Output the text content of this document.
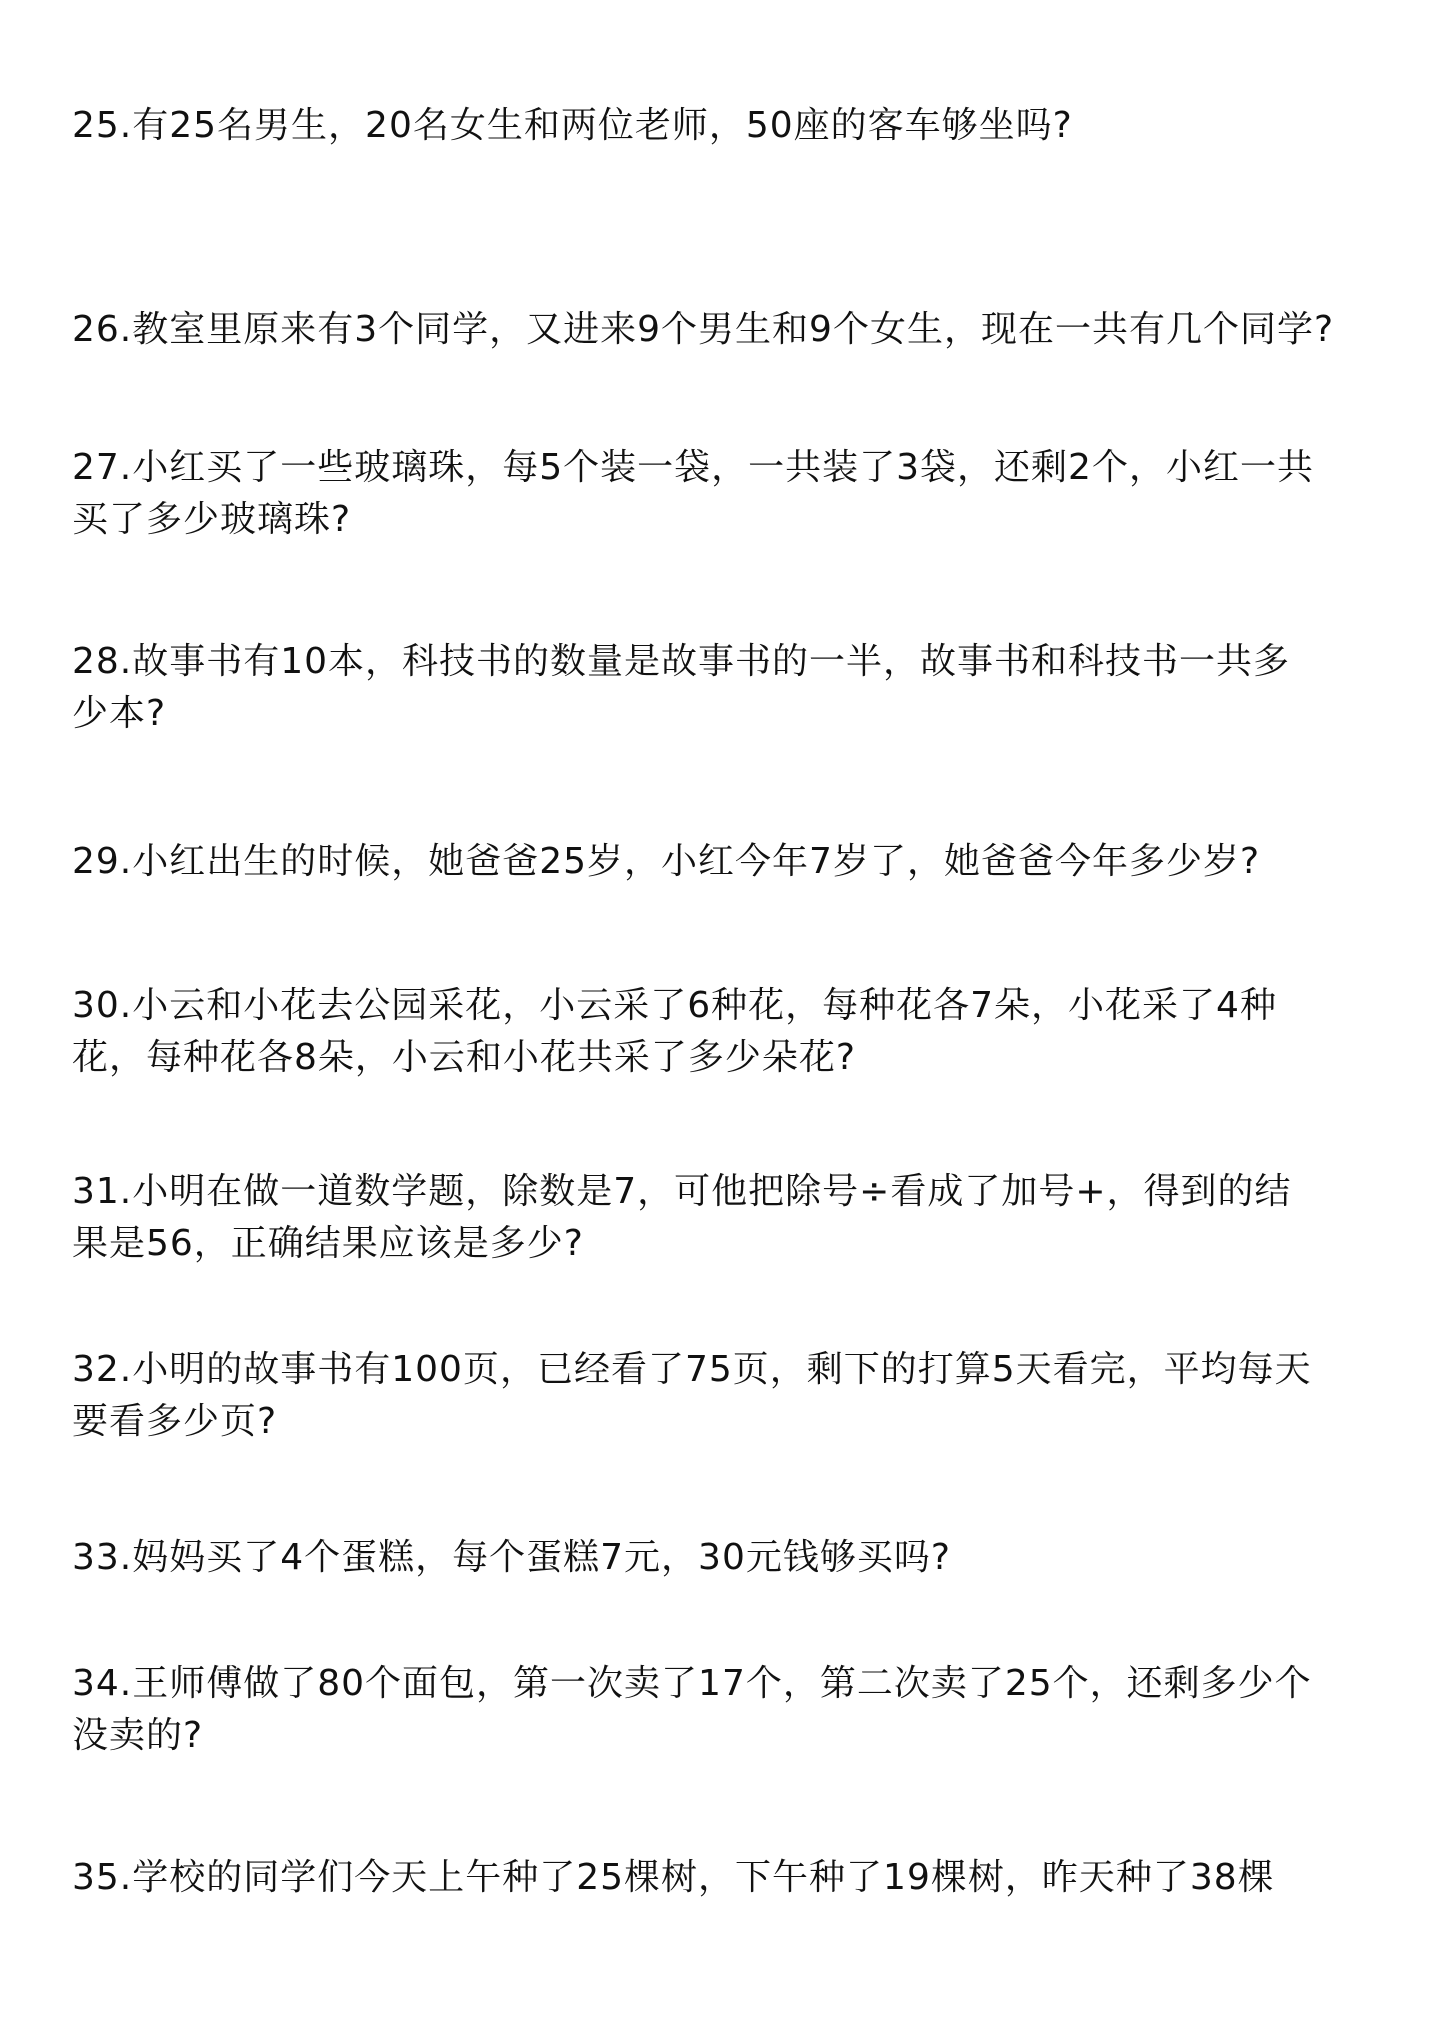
25.有25名男生，20名女生和两位老师，50座的客车够坐吗?

26.教室里原来有3个同学，又进来9个男生和9个女生，现在一共有几个同学?

27.小红买了一些玻璃珠，每5个装一袋，一共装了3袋，还剩2个，小红一共
买了多少玻璃珠?

28.故事书有10本，科技书的数量是故事书的一半，故事书和科技书一共多
少本?

29.小红出生的时候，她爸爸25岁，小红今年7岁了，她爸爸今年多少岁?

30.小云和小花去公园采花，小云采了6种花，每种花各7朵，小花采了4种
花，每种花各8朵，小云和小花共采了多少朵花?

31.小明在做一道数学题，除数是7，可他把除号÷看成了加号+，得到的结
果是56，正确结果应该是多少?

32.小明的故事书有100页，已经看了75页，剩下的打算5天看完，平均每天
要看多少页?

33.妈妈买了4个蛋糕，每个蛋糕7元，30元钱够买吗?

34.王师傅做了80个面包，第一次卖了17个，第二次卖了25个，还剩多少个
没卖的?

35.学校的同学们今天上午种了25棵树，下午种了19棵树，昨天种了38棵
